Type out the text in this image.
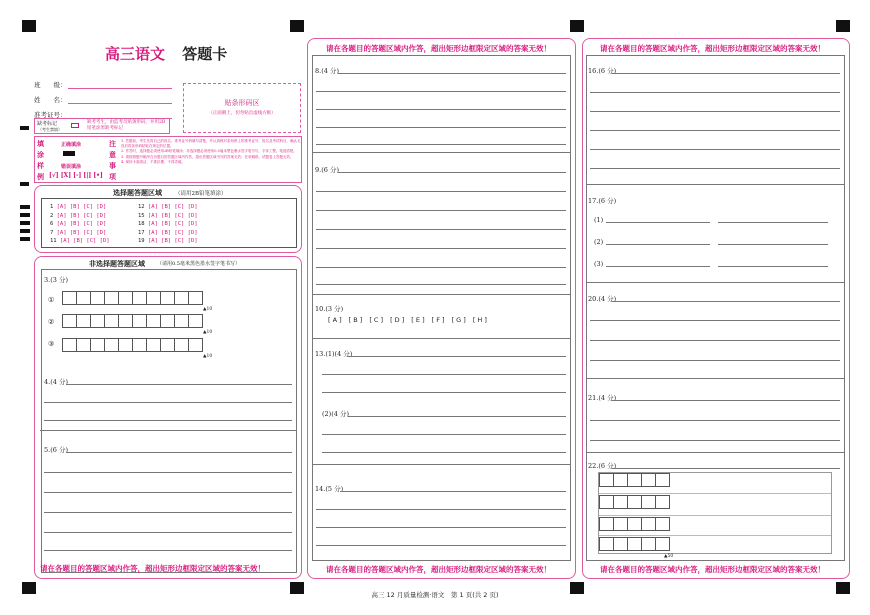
高三语文 答题卡
班　　级：
姓　　名：
准考证号：
缺考标记
（考生禁填）
缺考考生，由监考员贴条形码，并用2B铅笔涂黑缺考标记
贴条形码区
（正面朝上，切勿贴出虚线方框）
填
涂
样
例
正确填涂
错误填涂
[√] [X] [-] [|] [•]
注
意
事
项
1. 答题前，考生先将自己的姓名、准考证号码填写清楚，并认真核对条形码上的准考证号、姓名及考试科目，确认无误后将条形码粘贴在规定的位置。
2. 作答时，选择题必须使用2B铅笔填涂；非选择题必须使用0.5毫米黑色墨水签字笔书写，字体工整、笔迹清楚。
3. 请按照题号顺序在各题目的答题区域内作答，超出答题区域书写的答案无效；在草稿纸、试题卷上答题无效。
4. 保持卡面清洁，不准折叠、不得弄破。
选择题答题区域 （请用2B铅笔填涂）
1 [A] [B] [C] [D]
2 [A] [B] [C] [D]
6 [A] [B] [C] [D]
7 [A] [B] [C] [D]
11 [A] [B] [C] [D]
12 [A] [B] [C] [D]
15 [A] [B] [C] [D]
18 [A] [B] [C] [D]
17 [A] [B] [C] [D]
19 [A] [B] [C] [D]
非选择题答题区域 （请用0.5毫米黑色墨水签字笔书写）
3.(3 分)
①
▲10
②
▲10
③
▲10
4.(4 分)
5.(6 分)
请在各题目的答题区域内作答，超出矩形边框限定区域的答案无效！
请在各题目的答题区域内作答，超出矩形边框限定区域的答案无效！
8.(4 分)
9.(6 分)
10.(3 分)
[ A ] [ B ] [ C ] [ D ] [ E ] [ F ] [ G ] [ H ]
13.(1)(4 分)
(2)(4 分)
14.(5 分)
请在各题目的答题区域内作答，超出矩形边框限定区域的答案无效！
请在各题目的答题区域内作答，超出矩形边框限定区域的答案无效！
16.(6 分)
17.(6 分)
(1)
(2)
(3)
20.(4 分)
21.(4 分)
22.(6 分)
▲50
请在各题目的答题区域内作答，超出矩形边框限定区域的答案无效！
高三 12 月质量检测·语文　第 1 页(共 2 页)
